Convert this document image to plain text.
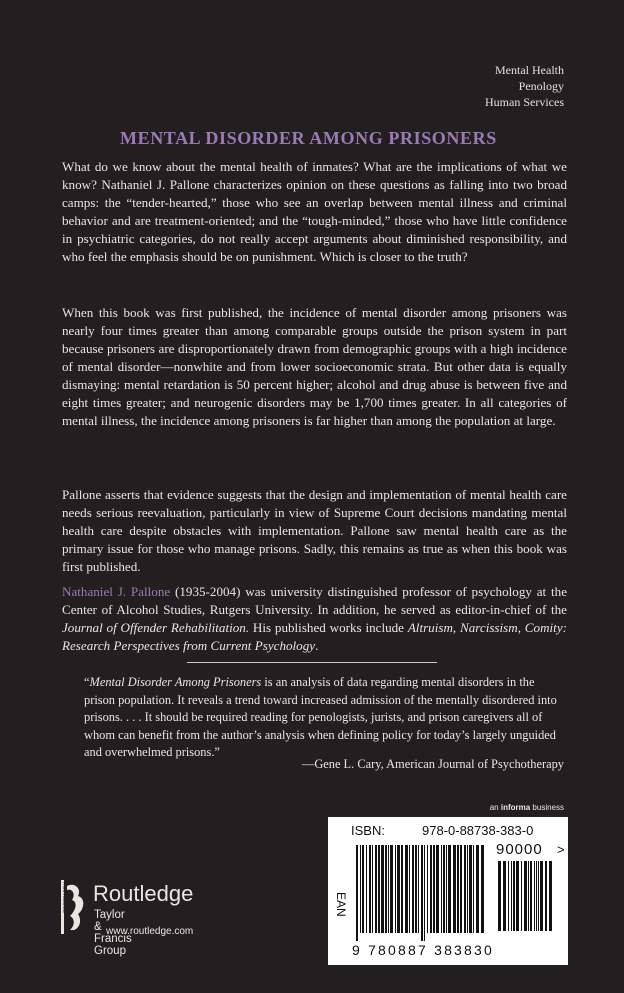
Mental Health
Penology
Human Services
MENTAL DISORDER AMONG PRISONERS

What do we know about the mental health of inmates? What are the implications of what we know? Nathaniel J. Pallone characterizes opinion on these questions as falling into two broad camps: the “tender-hearted,” those who see an overlap between mental illness and criminal behavior and are treatment-oriented; and the “tough-minded,” those who have little confidence in psychiatric categories, do not really accept arguments about diminished responsibility, and who feel the emphasis should be on punishment. Which is closer to the truth?

When this book was first published, the incidence of mental disorder among prisoners was nearly four times greater than among comparable groups outside the prison system in part because prisoners are disproportionately drawn from demographic groups with a high incidence of mental disorder—nonwhite and from lower socioeconomic strata. But other data is equally dismaying: mental retardation is 50 percent higher; alcohol and drug abuse is between five and eight times greater; and neurogenic disorders may be 1,700 times greater. In all categories of mental illness, the incidence among prisoners is far higher than among the population at large.

Pallone asserts that evidence suggests that the design and implementation of mental health care needs serious reevaluation, particularly in view of Supreme Court decisions mandating mental health care despite obstacles with implementation. Pallone saw mental health care as the primary issue for those who manage prisons. Sadly, this remains as true as when this book was first published.

Nathaniel J. Pallone (1935-2004) was university distinguished professor of psychology at the Center of Alcohol Studies, Rutgers University. In addition, he served as editor-in-chief of the Journal of Offender Rehabilitation. His published works include Altruism, Narcissism, Comity: Research Perspectives from Current Psychology.

“Mental Disorder Among Prisoners is an analysis of data regarding mental disorders in the prison population. It reveals a trend toward increased admission of the mentally disordered into prisons. . . . It should be required reading for penologists, jurists, and prison caregivers all of whom can benefit from the author’s analysis when defining policy for today’s largely unguided and overwhelmed prisons.”

—Gene L. Cary, American Journal of Psychotherapy
an informa business
ISBN:	978-0-88738-383-0
EAN
90000 >
9 780887 383830
ROUTLEDGE Routledge
Taylor & Francis Group
www.routledge.com
